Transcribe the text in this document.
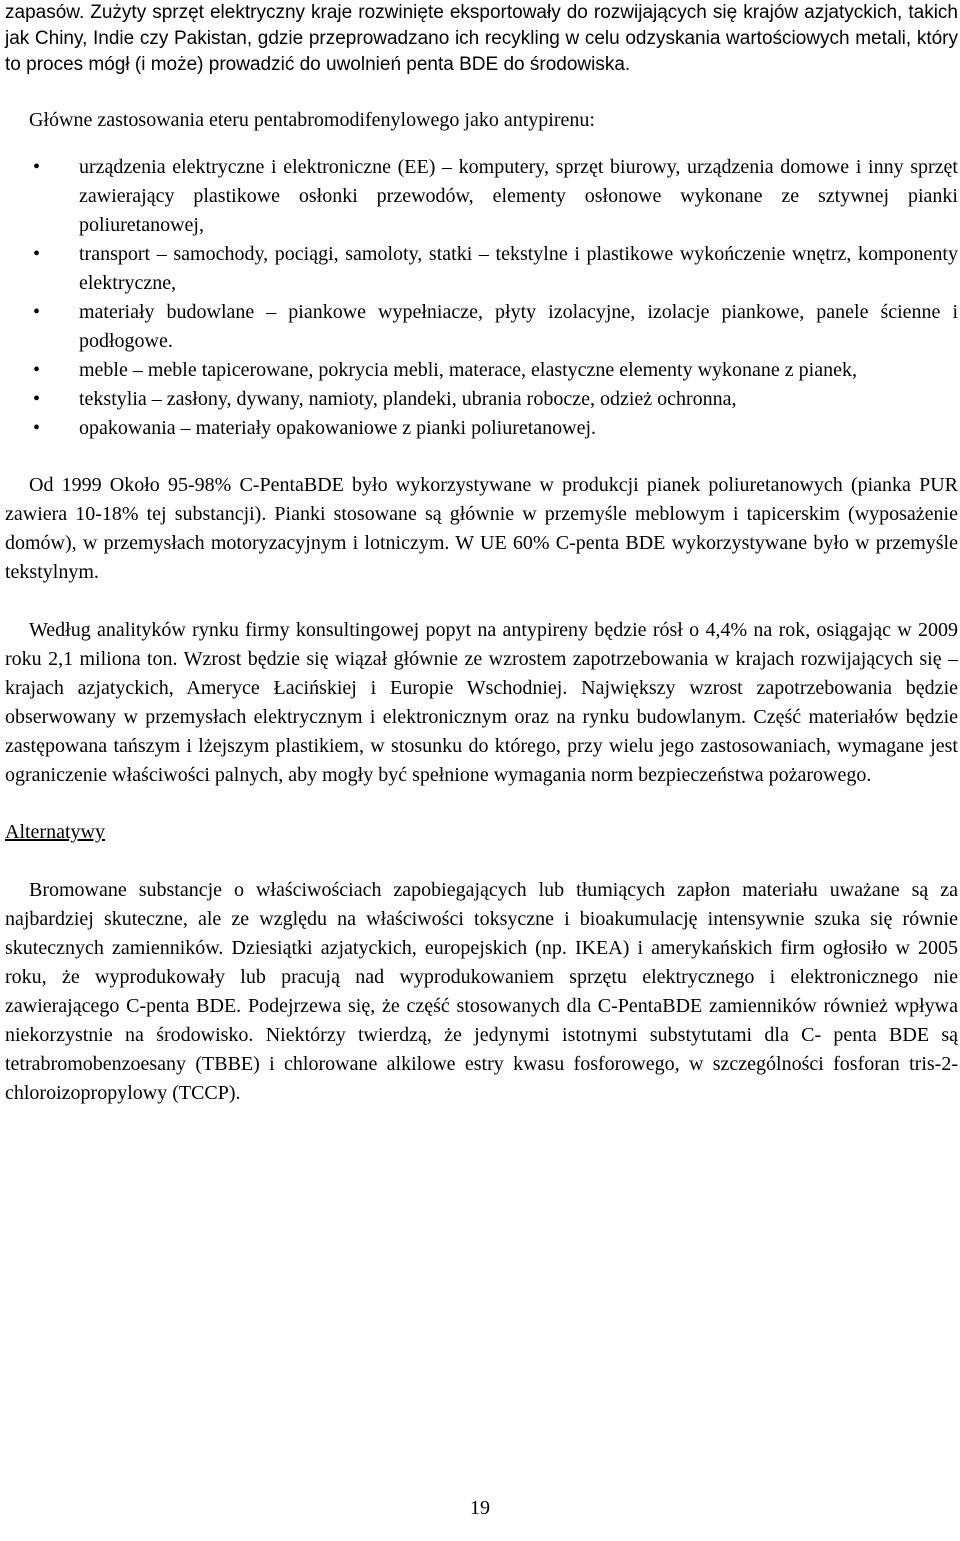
zapasów. Zużyty sprzęt elektryczny kraje rozwinięte eksportowały do rozwijających się krajów azjatyckich, takich jak Chiny, Indie czy Pakistan, gdzie przeprowadzano ich recykling w celu odzyskania wartościowych metali, który to proces mógł (i może) prowadzić do uwolnień penta BDE do środowiska.

Główne zastosowania eteru pentabromodifenylowego jako antypirenu:

• urządzenia elektryczne i elektroniczne (EE) – komputery, sprzęt biurowy, urządzenia domowe i inny sprzęt zawierający plastikowe osłonki przewodów, elementy osłonowe wykonane ze sztywnej pianki poliuretanowej,
• transport – samochody, pociągi, samoloty, statki – tekstylne i plastikowe wykończenie wnętrz, komponenty elektryczne,
• materiały budowlane – piankowe wypełniacze, płyty izolacyjne, izolacje piankowe, panele ścienne i podłogowe.
• meble – meble tapicerowane, pokrycia mebli, materace, elastyczne elementy wykonane z pianek,
• tekstylia – zasłony, dywany, namioty, plandeki, ubrania robocze, odzież ochronna,
• opakowania – materiały opakowaniowe z pianki poliuretanowej.

Od 1999 Około 95-98% C-PentaBDE było wykorzystywane w produkcji pianek poliuretanowych (pianka PUR zawiera 10-18% tej substancji). Pianki stosowane są głównie w przemyśle meblowym i tapicerskim (wyposażenie domów), w przemysłach motoryzacyjnym i lotniczym. W UE 60% C-penta BDE wykorzystywane było w przemyśle tekstylnym.

Według analityków rynku firmy konsultingowej popyt na antypireny będzie rósł o 4,4% na rok, osiągając w 2009 roku 2,1 miliona ton. Wzrost będzie się wiązał głównie ze wzrostem zapotrzebowania w krajach rozwijających się – krajach azjatyckich, Ameryce Łacińskiej i Europie Wschodniej. Największy wzrost zapotrzebowania będzie obserwowany w przemysłach elektrycznym i elektronicznym oraz na rynku budowlanym. Część materiałów będzie zastępowana tańszym i lżejszym plastikiem, w stosunku do którego, przy wielu jego zastosowaniach, wymagane jest ograniczenie właściwości palnych, aby mogły być spełnione wymagania norm bezpieczeństwa pożarowego.

Alternatywy

Bromowane substancje o właściwościach zapobiegających lub tłumiących zapłon materiału uważane są za najbardziej skuteczne, ale ze względu na właściwości toksyczne i bioakumulację intensywnie szuka się równie skutecznych zamienników. Dziesiątki azjatyckich, europejskich (np. IKEA) i amerykańskich firm ogłosiło w 2005 roku, że wyprodukowały lub pracują nad wyprodukowaniem sprzętu elektrycznego i elektronicznego nie zawierającego C-penta BDE. Podejrzewa się, że część stosowanych dla C-PentaBDE zamienników również wpływa niekorzystnie na środowisko. Niektórzy twierdzą, że jedynymi istotnymi substytutami dla C- penta BDE są tetrabromobenzoesany (TBBE) i chlorowane alkilowe estry kwasu fosforowego, w szczególności fosforan tris-2-chloroizopropylowy (TCCP).

19
